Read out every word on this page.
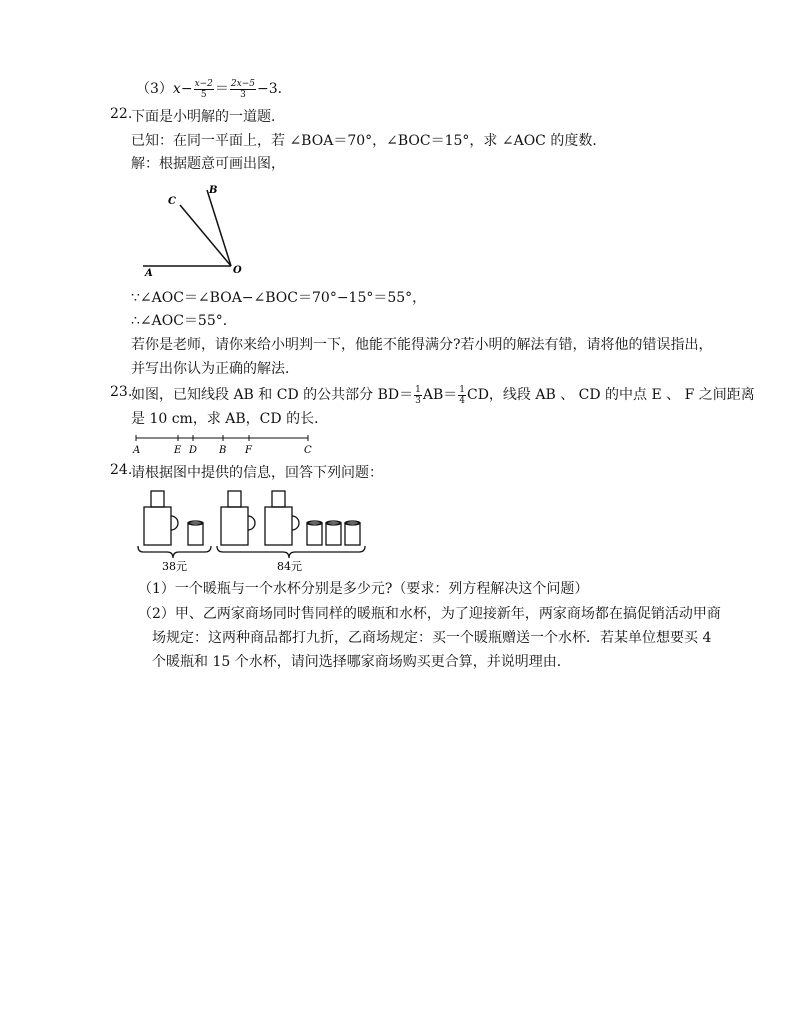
$(3)x- \frac{x-2}{5} = \frac{2x-5}{3} -3$．
22.
下面是小明解的一道题．
已知：在同一平面上，若 ∠BOA＝70°，∠BOC＝15°，求 ∠AOC 的度数．
解：根据题意可画出图，
A
B
C
O
∵∠AOC＝∠BOA−∠BOC＝70°−15°＝55°，
∴∠AOC＝55°．
若你是老师，请你来给小明判一下，他能不能得满分?若小明的解法有错，请将他的错误指出，
并写出你认为正确的解法．
23.
如图，已知线段 AB 和 CD 的公共部分 $BD= \frac{1}{3} AB= \frac{1}{4}$ CD，线段 AB 、 CD 的中点 E 、 F 之间距离
是 10 cm，求 AB，CD 的长．
A	E D B F	C
24.
请根据图中提供的信息，回答下列问题：
38元	84元
（1）一个暖瓶与一个水杯分别是多少元?（要求：列方程解决这个问题）
（2）甲、乙两家商场同时售同样的暖瓶和水杯，为了迎接新年，两家商场都在搞促销活动甲商
场规定：这两种商品都打九折，乙商场规定：买一个暖瓶赠送一个水杯．若某单位想要买 4
个暖瓶和 15 个水杯，请问选择哪家商场购买更合算，并说明理由．
